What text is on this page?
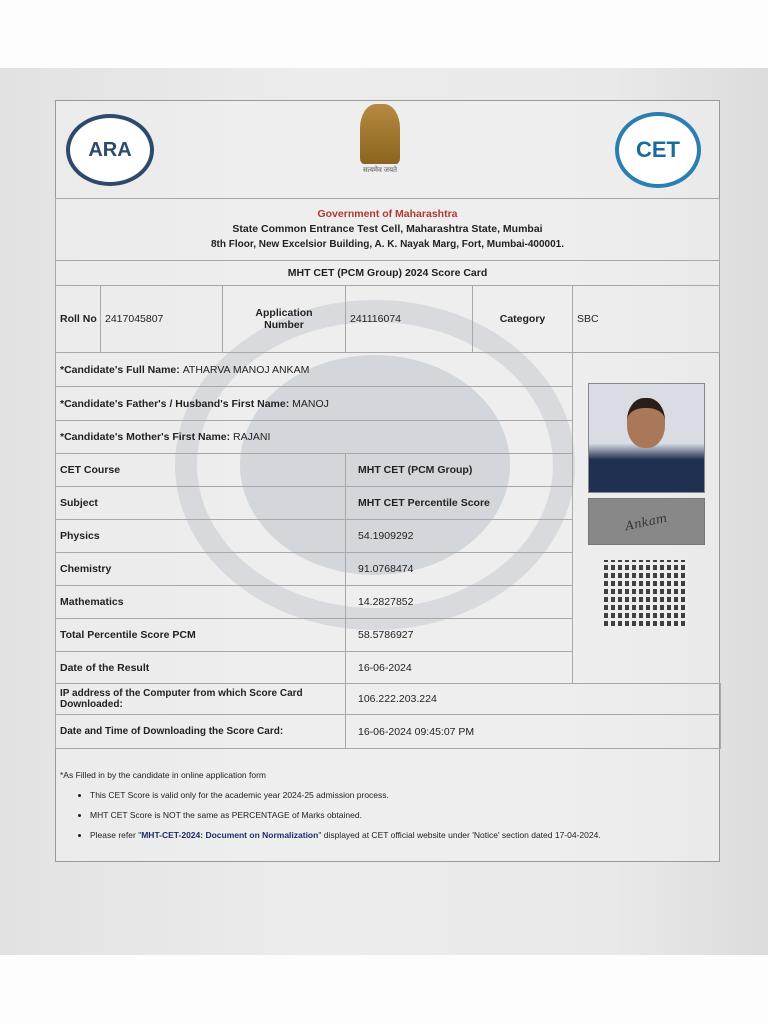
ARA
सत्यमेव जयते
CET
Government of Maharashtra
State Common Entrance Test Cell, Maharashtra State, Mumbai
8th Floor, New Excelsior Building, A. K. Nayak Marg, Fort, Mumbai-400001.
MHT CET (PCM Group) 2024 Score Card
Roll No 2417045807	Application Number	241116074	Category	SBC
*Candidate's Full Name:
ATHARVA MANOJ ANKAM
*Candidate's Father's / Husband's First Name:
MANOJ
*Candidate's Mother's First Name:
RAJANI
Ankam
CET Course	MHT CET (PCM Group)
Subject	MHT CET Percentile Score
Physics	54.1909292
Chemistry	91.0768474
Mathematics	14.2827852
Total Percentile Score PCM	58.5786927
Date of the Result	16-06-2024
IP address of the Computer from which Score Card Downloaded:	106.222.203.224
Date and Time of Downloading the Score Card:	16-06-2024 09:45:07 PM
*As Filled in by the candidate in online application form
• This CET Score is valid only for the academic year 2024-25 admission process.
• MHT CET Score is NOT the same as PERCENTAGE of Marks obtained.
• Please refer "MHT-CET-2024: Document on Normalization" displayed at CET official website under 'Notice' section dated 17-04-2024.
